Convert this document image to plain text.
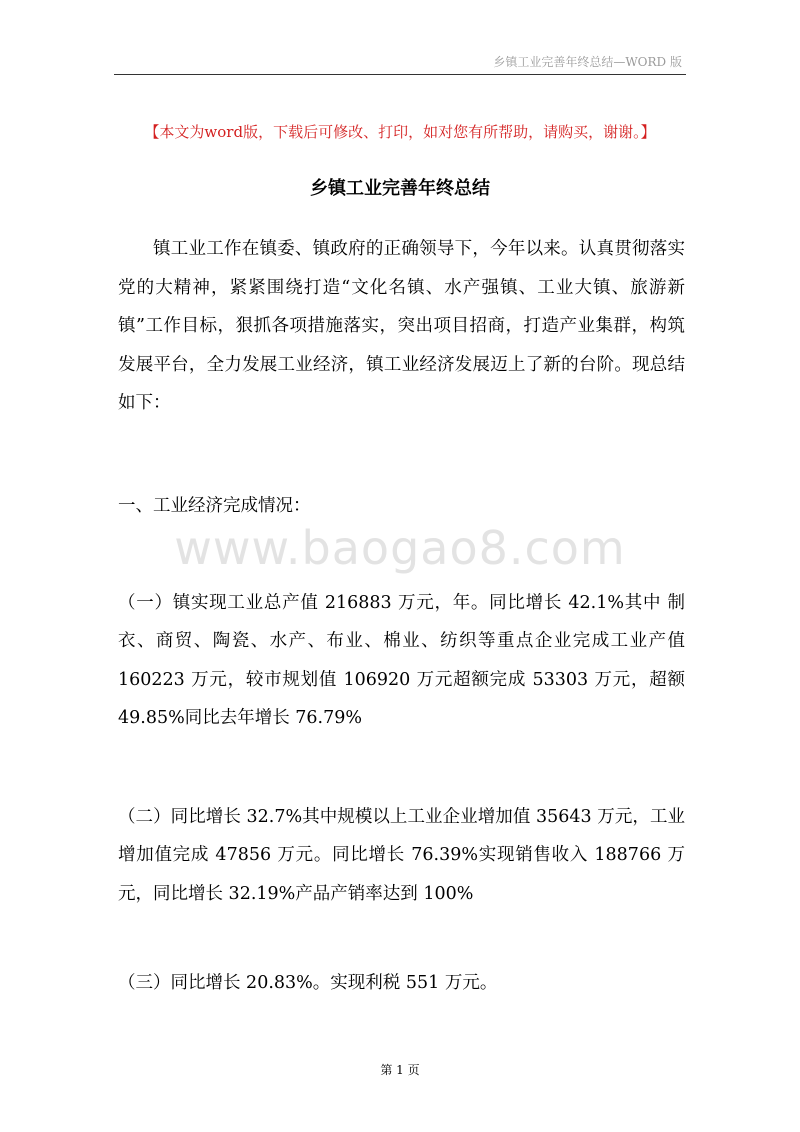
乡镇工业完善年终总结—WORD 版
【本文为word版，下载后可修改、打印，如对您有所帮助，请购买，谢谢。】
乡镇工业完善年终总结

镇工业工作在镇委、镇政府的正确领导下，今年以来。认真贯彻落实党的大精神，紧紧围绕打造“文化名镇、水产强镇、工业大镇、旅游新镇”工作目标，狠抓各项措施落实，突出项目招商，打造产业集群，构筑发展平台，全力发展工业经济，镇工业经济发展迈上了新的台阶。现总结如下：

一、工业经济完成情况：
www.baogao8.com

（一）镇实现工业总产值 216883 万元，年。同比增长 42.1%其中 制衣、商贸、陶瓷、水产、布业、棉业、纺织等重点企业完成工业产值 160223 万元，较市规划值 106920 万元超额完成 53303 万元，超额 49.85%同比去年增长 76.79%

（二）同比增长 32.7%其中规模以上工业企业增加值 35643 万元，工业增加值完成 47856 万元。同比增长 76.39%实现销售收入 188766 万元，同比增长 32.19%产品产销率达到 100%

（三）同比增长 20.83%。实现利税 551 万元。

第 1 页
